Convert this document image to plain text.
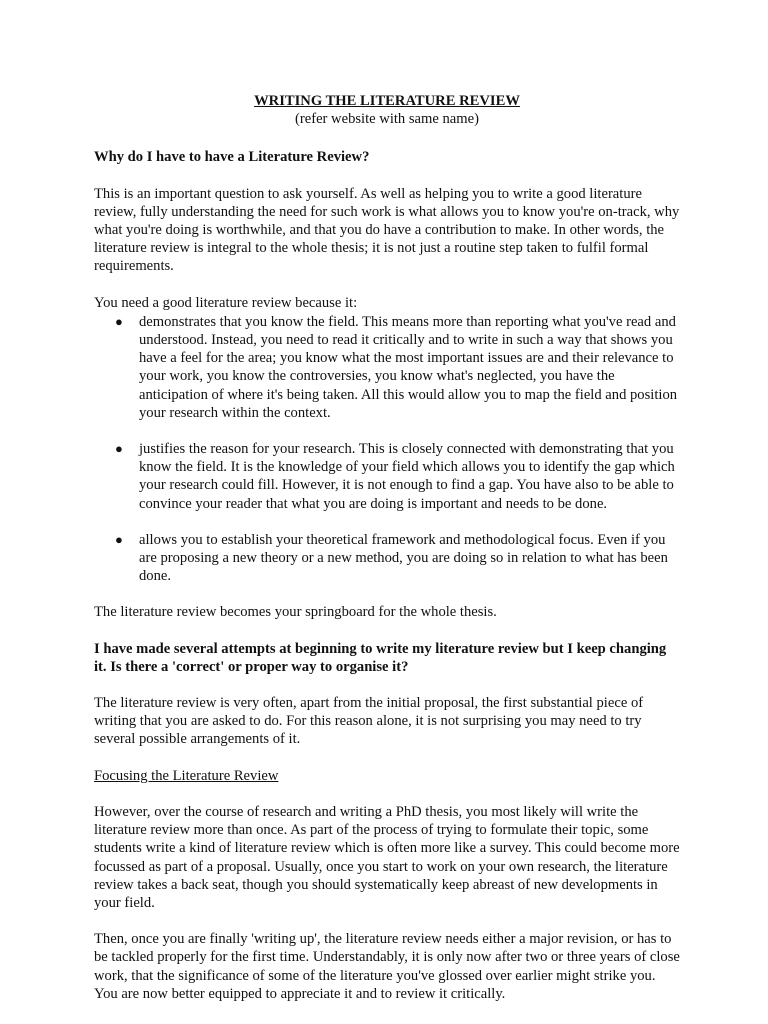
WRITING THE LITERATURE REVIEW
(refer website with same name)
Why do I have to have a Literature Review?

This is an important question to ask yourself. As well as helping you to write a good literature review, fully understanding the need for such work is what allows you to know you're on-track, why what you're doing is worthwhile, and that you do have a contribution to make. In other words, the literature review is integral to the whole thesis; it is not just a routine step taken to fulfil formal requirements.

You need a good literature review because it:
● demonstrates that you know the field. This means more than reporting what you've read and understood. Instead, you need to read it critically and to write in such a way that shows you have a feel for the area; you know what the most important issues are and their relevance to your work, you know the controversies, you know what's neglected, you have the anticipation of where it's being taken. All this would allow you to map the field and position your research within the context.
● justifies the reason for your research. This is closely connected with demonstrating that you know the field. It is the knowledge of your field which allows you to identify the gap which your research could fill. However, it is not enough to find a gap. You have also to be able to convince your reader that what you are doing is important and needs to be done.
● allows you to establish your theoretical framework and methodological focus. Even if you are proposing a new theory or a new method, you are doing so in relation to what has been done.

The literature review becomes your springboard for the whole thesis.

I have made several attempts at beginning to write my literature review but I keep changing it. Is there a 'correct' or proper way to organise it?

The literature review is very often, apart from the initial proposal, the first substantial piece of writing that you are asked to do. For this reason alone, it is not surprising you may need to try several possible arrangements of it.

Focusing the Literature Review

However, over the course of research and writing a PhD thesis, you most likely will write the literature review more than once. As part of the process of trying to formulate their topic, some students write a kind of literature review which is often more like a survey. This could become more focussed as part of a proposal. Usually, once you start to work on your own research, the literature review takes a back seat, though you should systematically keep abreast of new developments in your field.

Then, once you are finally 'writing up', the literature review needs either a major revision, or has to be tackled properly for the first time. Understandably, it is only now after two or three years of close work, that the significance of some of the literature you've glossed over earlier might strike you. You are now better equipped to appreciate it and to review it critically.
